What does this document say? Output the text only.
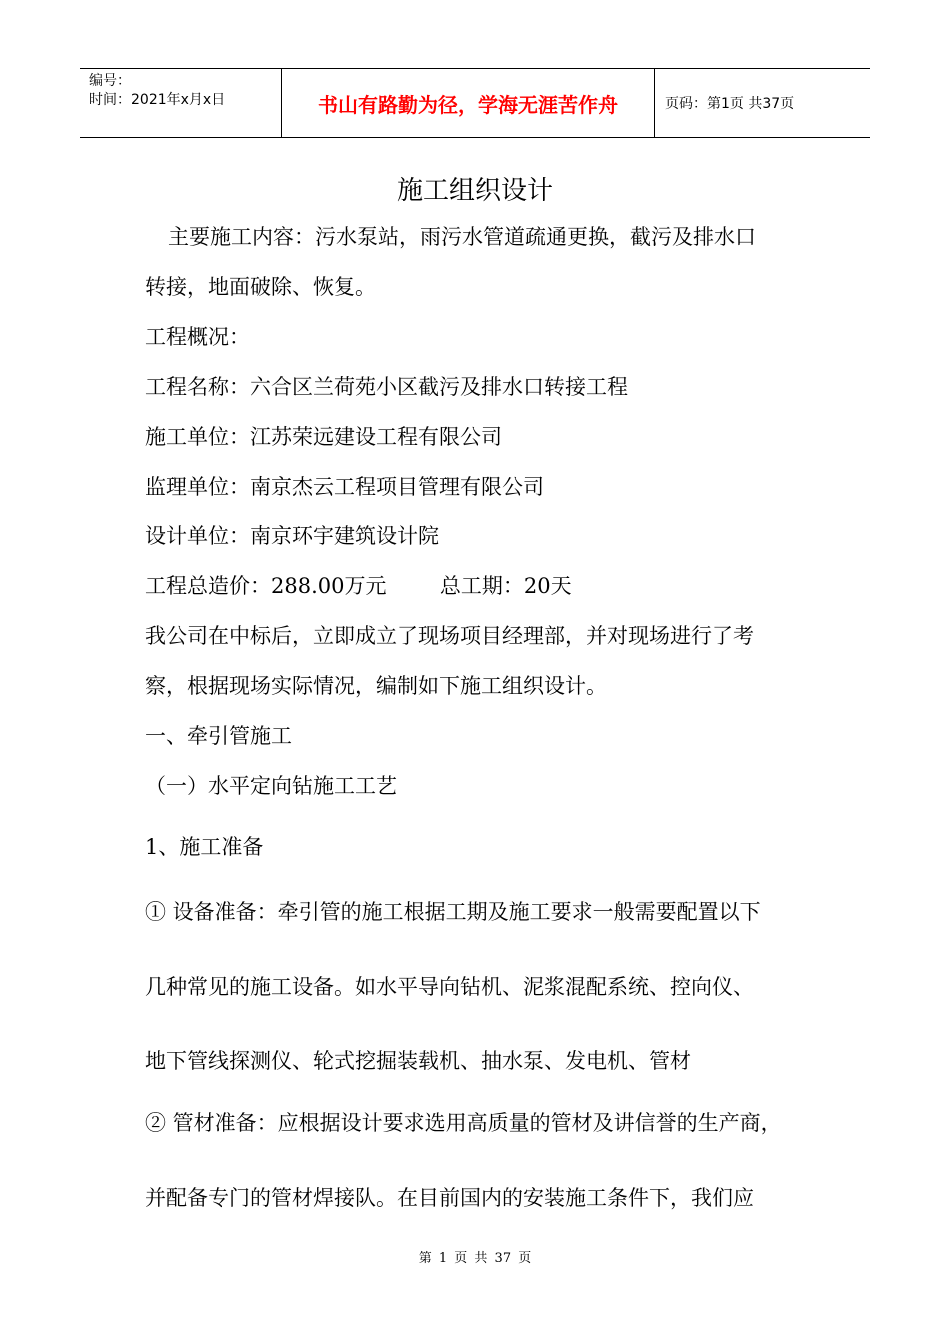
编号：
时间：2021年x月x日	书山有路勤为径，学海无涯苦作舟	页码：第1页 共37页
施工组织设计
主要施工内容：污水泵站，雨污水管道疏通更换，截污及排水口
转接，地面破除、恢复。
工程概况：
工程名称：六合区兰荷苑小区截污及排水口转接工程
施工单位：江苏荣远建设工程有限公司
监理单位：南京杰云工程项目管理有限公司
设计单位：南京环宇建筑设计院
工程总造价：288.00万元        总工期：20天
我公司在中标后，立即成立了现场项目经理部，并对现场进行了考
察，根据现场实际情况，编制如下施工组织设计。
一、牵引管施工
（一）水平定向钻施工工艺
1、施工准备
① 设备准备：牵引管的施工根据工期及施工要求一般需要配置以下
几种常见的施工设备。如水平导向钻机、泥浆混配系统、控向仪、
地下管线探测仪、轮式挖掘装载机、抽水泵、发电机、管材
② 管材准备：应根据设计要求选用高质量的管材及讲信誉的生产商，
并配备专门的管材焊接队。在目前国内的安装施工条件下，我们应
第 1 页 共 37 页
